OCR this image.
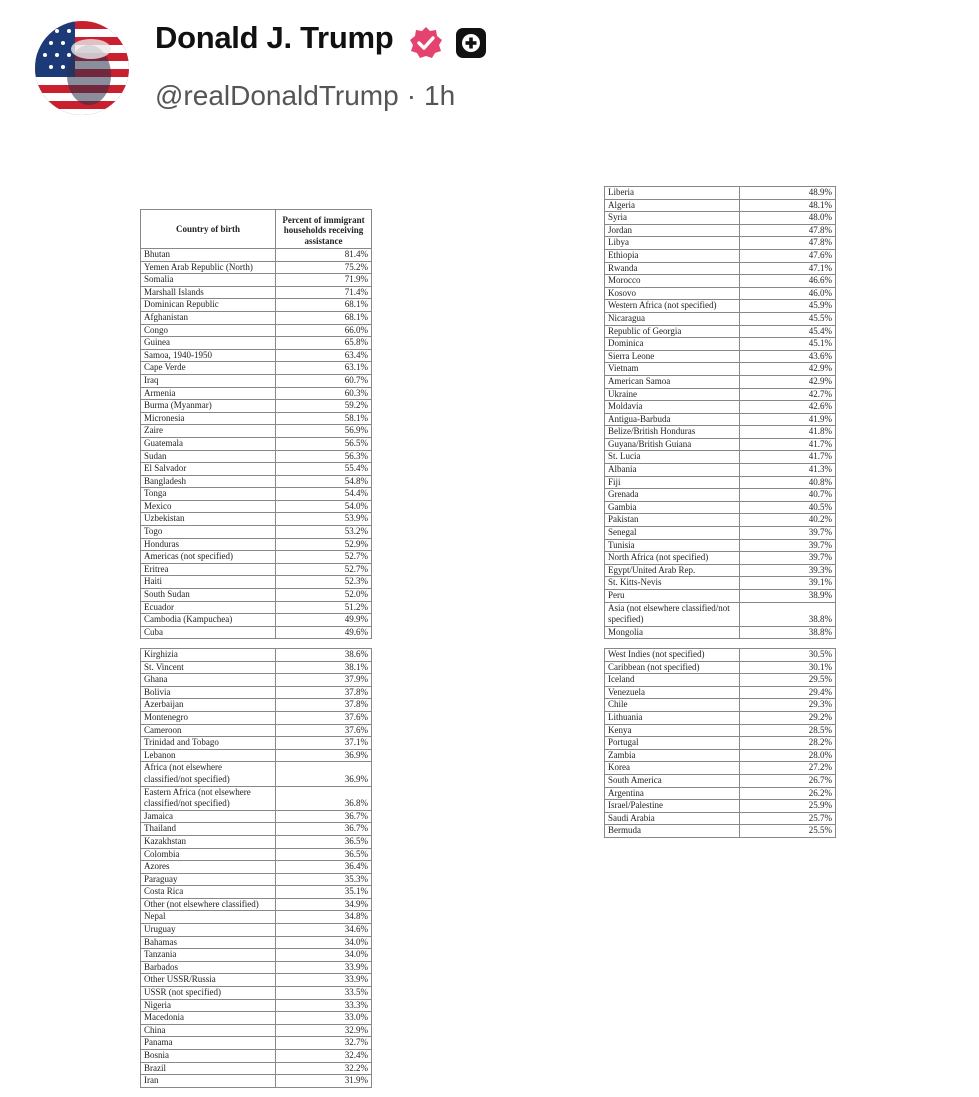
Donald J. Trump
@realDonaldTrump · 1h
Country of birth	Percent of immigrant households receiving assistance
Bhutan	81.4%
Yemen Arab Republic (North)	75.2%
Somalia	71.9%
Marshall Islands	71.4%
Dominican Republic	68.1%
Afghanistan	68.1%
Congo	66.0%
Guinea	65.8%
Samoa, 1940-1950	63.4%
Cape Verde	63.1%
Iraq	60.7%
Armenia	60.3%
Burma (Myanmar)	59.2%
Micronesia	58.1%
Zaire	56.9%
Guatemala	56.5%
Sudan	56.3%
El Salvador	55.4%
Bangladesh	54.8%
Tonga	54.4%
Mexico	54.0%
Uzbekistan	53.9%
Togo	53.2%
Honduras	52.9%
Americas (not specified)	52.7%
Eritrea	52.7%
Haiti	52.3%
South Sudan	52.0%
Ecuador	51.2%
Cambodia (Kampuchea)	49.9%
Cuba	49.6%
Liberia	48.9%
Algeria	48.1%
Syria	48.0%
Jordan	47.8%
Libya	47.8%
Ethiopia	47.6%
Rwanda	47.1%
Morocco	46.6%
Kosovo	46.0%
Western Africa (not specified)	45.9%
Nicaragua	45.5%
Republic of Georgia	45.4%
Dominica	45.1%
Sierra Leone	43.6%
Vietnam	42.9%
American Samoa	42.9%
Ukraine	42.7%
Moldavia	42.6%
Antigua-Barbuda	41.9%
Belize/British Honduras	41.8%
Guyana/British Guiana	41.7%
St. Lucia	41.7%
Albania	41.3%
Fiji	40.8%
Grenada	40.7%
Gambia	40.5%
Pakistan	40.2%
Senegal	39.7%
Tunisia	39.7%
North Africa (not specified)	39.7%
Egypt/United Arab Rep.	39.3%
St. Kitts-Nevis	39.1%
Peru	38.9%
Asia (not elsewhere classified/not specified)	38.8%
Mongolia	38.8%
Kirghizia	38.6%
St. Vincent	38.1%
Ghana	37.9%
Bolivia	37.8%
Azerbaijan	37.8%
Montenegro	37.6%
Cameroon	37.6%
Trinidad and Tobago	37.1%
Lebanon	36.9%
Africa (not elsewhere classified/not specified)	36.9%
Eastern Africa (not elsewhere classified/not specified)	36.8%
Jamaica	36.7%
Thailand	36.7%
Kazakhstan	36.5%
Colombia	36.5%
Azores	36.4%
Paraguay	35.3%
Costa Rica	35.1%
Other (not elsewhere classified)	34.9%
Nepal	34.8%
Uruguay	34.6%
Bahamas	34.0%
Tanzania	34.0%
Barbados	33.9%
Other USSR/Russia	33.9%
USSR (not specified)	33.5%
Nigeria	33.3%
Macedonia	33.0%
China	32.9%
Panama	32.7%
Bosnia	32.4%
Brazil	32.2%
Iran	31.9%
West Indies (not specified)	30.5%
Caribbean (not specified)	30.1%
Iceland	29.5%
Venezuela	29.4%
Chile	29.3%
Lithuania	29.2%
Kenya	28.5%
Portugal	28.2%
Zambia	28.0%
Korea	27.2%
South America	26.7%
Argentina	26.2%
Israel/Palestine	25.9%
Saudi Arabia	25.7%
Bermuda	25.5%
